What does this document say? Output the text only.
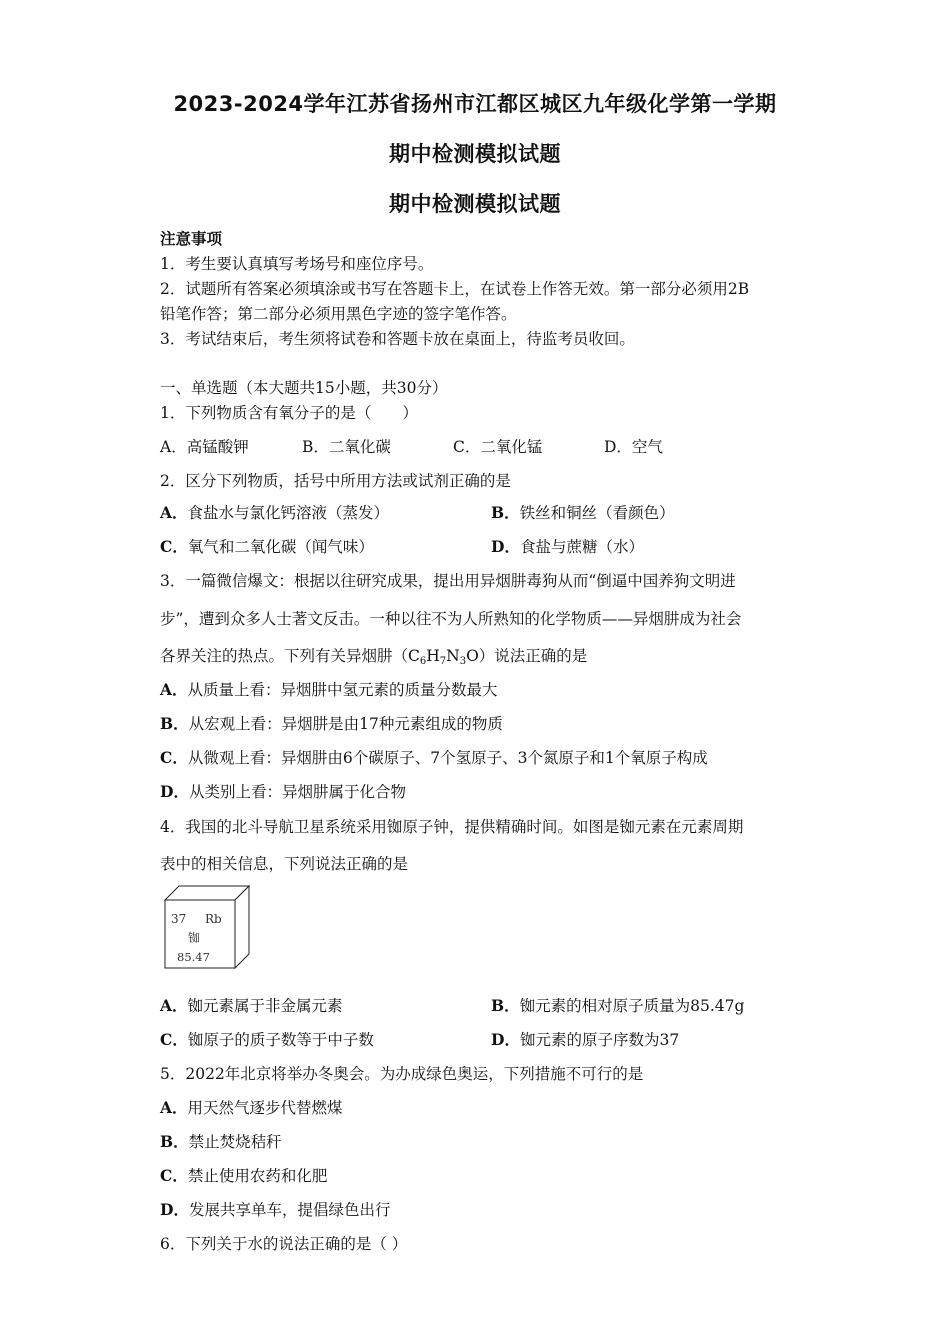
2023-2024学年江苏省扬州市江都区城区九年级化学第一学期
期中检测模拟试题
期中检测模拟试题
注意事项
1．考生要认真填写考场号和座位序号。
2．试题所有答案必须填涂或书写在答题卡上，在试卷上作答无效。第一部分必须用2B
铅笔作答；第二部分必须用黑色字迹的签字笔作答。
3．考试结束后，考生须将试卷和答题卡放在桌面上，待监考员收回。
一、单选题（本大题共15小题，共30分）
1．下列物质含有氧分子的是（　　）
A．高锰酸钾	B．二氧化碳	C．二氧化锰	D．空气
2．区分下列物质，括号中所用方法或试剂正确的是
A．食盐水与氯化钙溶液（蒸发）	B．铁丝和铜丝（看颜色）
C．氧气和二氧化碳（闻气味）	D．食盐与蔗糖（水）
3．一篇微信爆文：根据以往研究成果，提出用异烟肼毒狗从而“倒逼中国养狗文明进
步”，遭到众多人士著文反击。一种以往不为人所熟知的化学物质——异烟肼成为社会
各界关注的热点。下列有关异烟肼$(C_6H_7N_3O)$说法正确的是
A．从质量上看：异烟肼中氢元素的质量分数最大
B．从宏观上看：异烟肼是由17种元素组成的物质
C．从微观上看：异烟肼由6个碳原子、7个氢原子、3个氮原子和1个氧原子构成
D．从类别上看：异烟肼属于化合物
4．我国的北斗导航卫星系统采用铷原子钟，提供精确时间。如图是铷元素在元素周期
表中的相关信息，下列说法正确的是
37 Rb
铷
85.47
A．铷元素属于非金属元素	B．铷元素的相对原子质量为85.47g
C．铷原子的质子数等于中子数	D．铷元素的原子序数为37
5．2022年北京将举办冬奥会。为办成绿色奥运，下列措施不可行的是
A．用天然气逐步代替燃煤
B．禁止焚烧秸秆
C．禁止使用农药和化肥
D．发展共享单车，提倡绿色出行
6．下列关于水的说法正确的是（ ）
